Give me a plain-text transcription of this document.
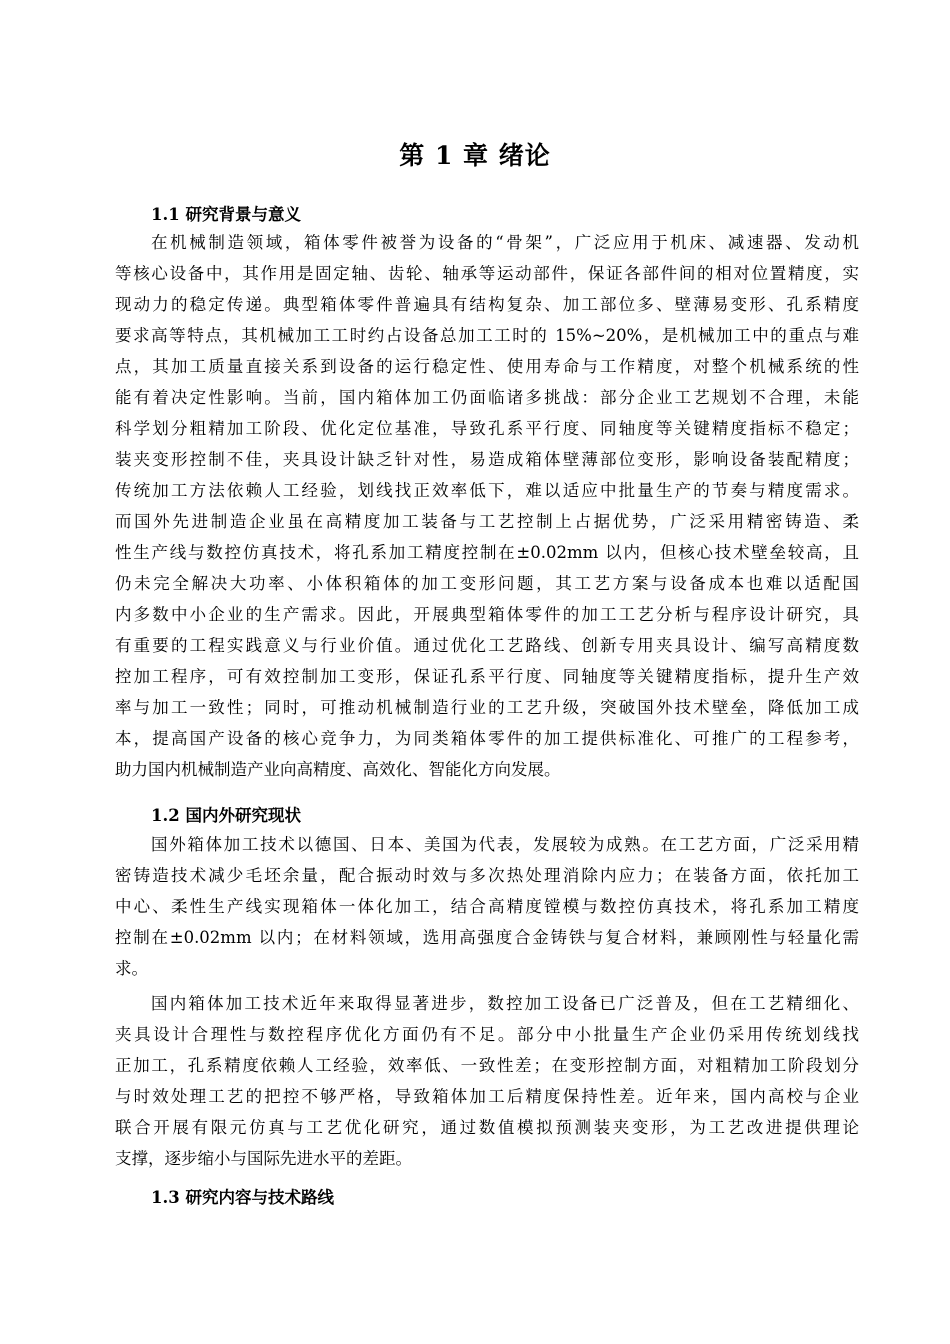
第 1 章 绪论
1.1 研究背景与意义
在机械制造领域，箱体零件被誉为设备的“骨架”，广泛应用于机床、减速器、发动机
等核心设备中，其作用是固定轴、齿轮、轴承等运动部件，保证各部件间的相对位置精度，实
现动力的稳定传递。典型箱体零件普遍具有结构复杂、加工部位多、壁薄易变形、孔系精度
要求高等特点，其机械加工工时约占设备总加工工时的 15%~20%，是机械加工中的重点与难
点，其加工质量直接关系到设备的运行稳定性、使用寿命与工作精度，对整个机械系统的性
能有着决定性影响。当前，国内箱体加工仍面临诸多挑战：部分企业工艺规划不合理，未能
科学划分粗精加工阶段、优化定位基准，导致孔系平行度、同轴度等关键精度指标不稳定；
装夹变形控制不佳，夹具设计缺乏针对性，易造成箱体壁薄部位变形，影响设备装配精度；
传统加工方法依赖人工经验，划线找正效率低下，难以适应中批量生产的节奏与精度需求。
而国外先进制造企业虽在高精度加工装备与工艺控制上占据优势，广泛采用精密铸造、柔
性生产线与数控仿真技术，将孔系加工精度控制在±0.02mm 以内，但核心技术壁垒较高，且
仍未完全解决大功率、小体积箱体的加工变形问题，其工艺方案与设备成本也难以适配国
内多数中小企业的生产需求。因此，开展典型箱体零件的加工工艺分析与程序设计研究，具
有重要的工程实践意义与行业价值。通过优化工艺路线、创新专用夹具设计、编写高精度数
控加工程序，可有效控制加工变形，保证孔系平行度、同轴度等关键精度指标，提升生产效
率与加工一致性；同时，可推动机械制造行业的工艺升级，突破国外技术壁垒，降低加工成
本，提高国产设备的核心竞争力，为同类箱体零件的加工提供标准化、可推广的工程参考，
助力国内机械制造产业向高精度、高效化、智能化方向发展。
1.2 国内外研究现状
国外箱体加工技术以德国、日本、美国为代表，发展较为成熟。在工艺方面，广泛采用精
密铸造技术减少毛坯余量，配合振动时效与多次热处理消除内应力；在装备方面，依托加工
中心、柔性生产线实现箱体一体化加工，结合高精度镗模与数控仿真技术，将孔系加工精度
控制在±0.02mm 以内；在材料领域，选用高强度合金铸铁与复合材料，兼顾刚性与轻量化需
求。
国内箱体加工技术近年来取得显著进步，数控加工设备已广泛普及，但在工艺精细化、
夹具设计合理性与数控程序优化方面仍有不足。部分中小批量生产企业仍采用传统划线找
正加工，孔系精度依赖人工经验，效率低、一致性差；在变形控制方面，对粗精加工阶段划分
与时效处理工艺的把控不够严格，导致箱体加工后精度保持性差。近年来，国内高校与企业
联合开展有限元仿真与工艺优化研究，通过数值模拟预测装夹变形，为工艺改进提供理论
支撑，逐步缩小与国际先进水平的差距。
1.3 研究内容与技术路线
